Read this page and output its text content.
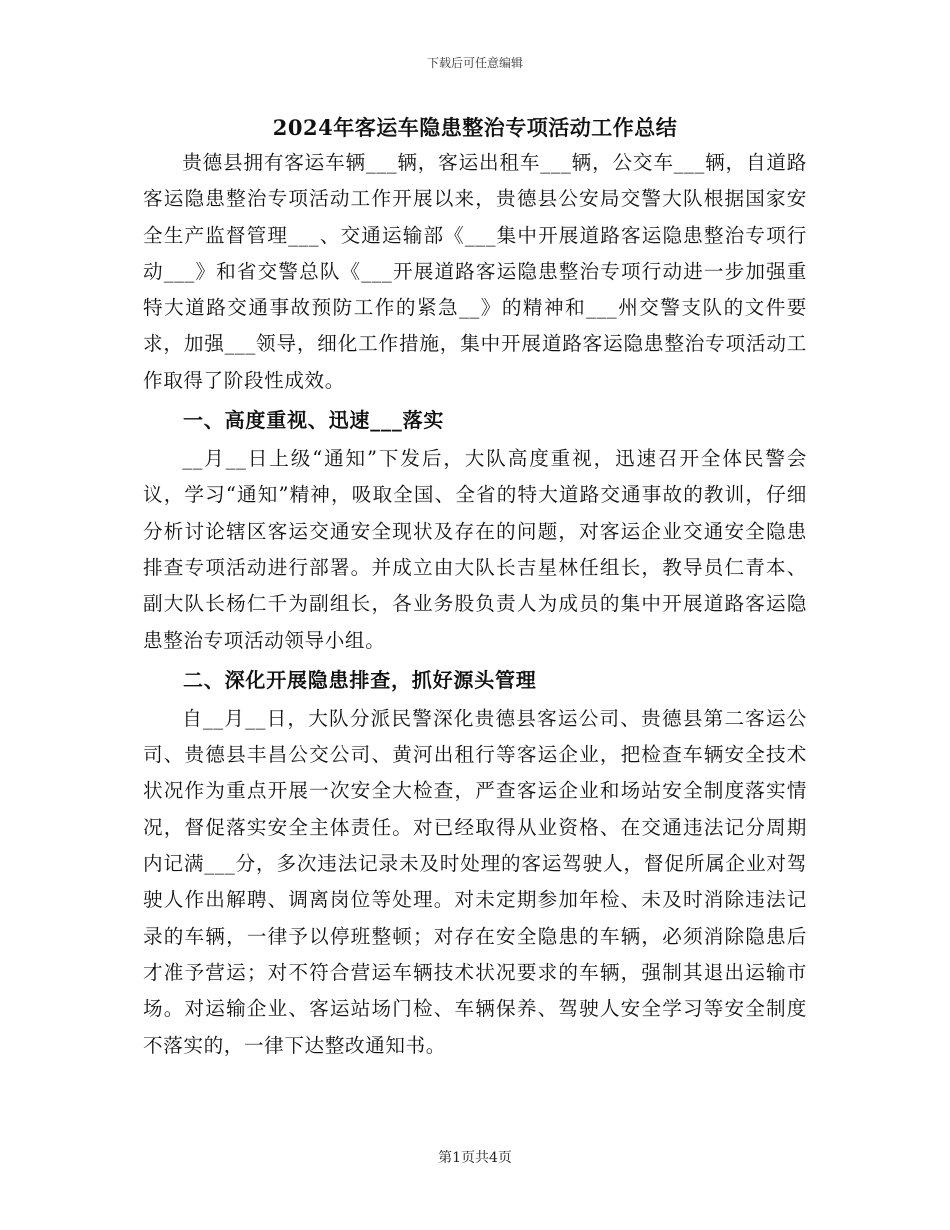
下载后可任意编辑
2024年客运车隐患整治专项活动工作总结

贵德县拥有客运车辆___辆，客运出租车___辆，公交车___辆，自道路客运隐患整治专项活动工作开展以来，贵德县公安局交警大队根据国家安全生产监督管理___、交通运输部《___集中开展道路客运隐患整治专项行动___》和省交警总队《___开展道路客运隐患整治专项行动进一步加强重特大道路交通事故预防工作的紧急__》的精神和___州交警支队的文件要求，加强___领导，细化工作措施，集中开展道路客运隐患整治专项活动工作取得了阶段性成效。

一、高度重视、迅速___落实

__月__日上级“通知”下发后，大队高度重视，迅速召开全体民警会议，学习“通知”精神，吸取全国、全省的特大道路交通事故的教训，仔细分析讨论辖区客运交通安全现状及存在的问题，对客运企业交通安全隐患排查专项活动进行部署。并成立由大队长吉星林任组长，教导员仁青本、副大队长杨仁千为副组长，各业务股负责人为成员的集中开展道路客运隐患整治专项活动领导小组。

二、深化开展隐患排查，抓好源头管理

自__月__日，大队分派民警深化贵德县客运公司、贵德县第二客运公司、贵德县丰昌公交公司、黄河出租行等客运企业，把检查车辆安全技术状况作为重点开展一次安全大检查，严查客运企业和场站安全制度落实情况，督促落实安全主体责任。对已经取得从业资格、在交通违法记分周期内记满___分，多次违法记录未及时处理的客运驾驶人，督促所属企业对驾驶人作出解聘、调离岗位等处理。对未定期参加年检、未及时消除违法记录的车辆，一律予以停班整顿；对存在安全隐患的车辆，必须消除隐患后才准予营运；对不符合营运车辆技术状况要求的车辆，强制其退出运输市场。对运输企业、客运站场门检、车辆保养、驾驶人安全学习等安全制度不落实的，一律下达整改通知书。

第1页共4页
